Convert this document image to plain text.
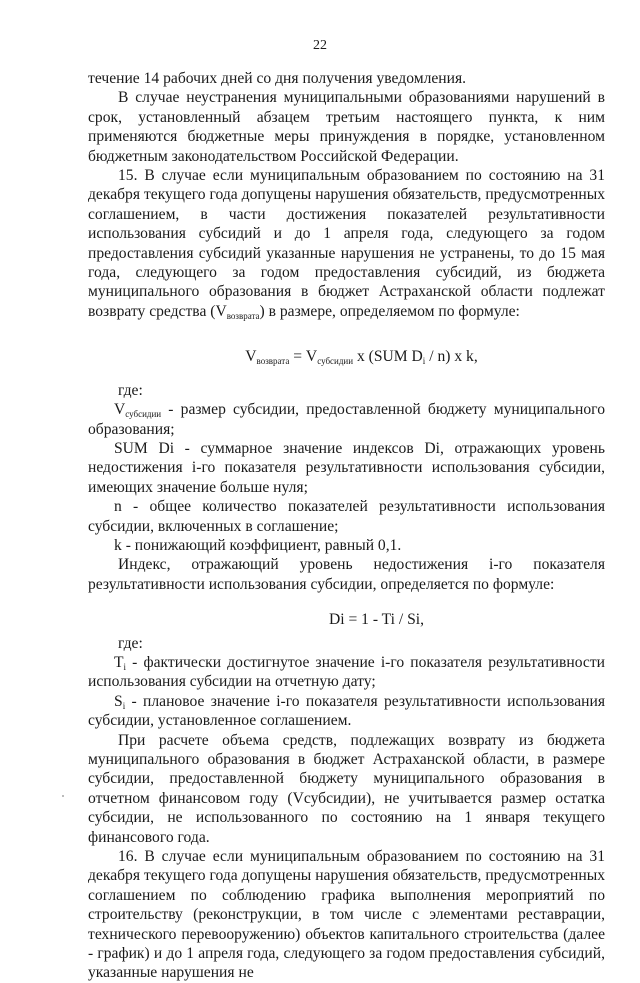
22

течение 14 рабочих дней со дня получения уведомления.

В случае неустранения муниципальными образованиями нарушений в срок, установленный абзацем третьим настоящего пункта, к ним применяются бюджетные меры принуждения в порядке, установленном бюджетным законодательством Российской Федерации.

15. В случае если муниципальным образованием по состоянию на 31 декабря текущего года допущены нарушения обязательств, предусмотренных соглашением, в части достижения показателей результативности использования субсидий и до 1 апреля года, следующего за годом предоставления субсидий указанные нарушения не устранены, то до 15 мая года, следующего за годом предоставления субсидий, из бюджета муниципального образования в бюджет Астраханской области подлежат возврату средства $(V_{возврата})$ в размере, определяемом по формуле:

$V_{возврата} = V_{субсидии}$ x (SUM $D_i / n$) x k,

где:

$V_{субсидии}$ - размер субсидии, предоставленной бюджету муниципального образования;

SUM Di - суммарное значение индексов Di, отражающих уровень недостижения i-го показателя результативности использования субсидии, имеющих значение больше нуля;

n - общее количество показателей результативности использования субсидии, включенных в соглашение;

k - понижающий коэффициент, равный 0,1.

Индекс, отражающий уровень недостижения i-го показателя результативности использования субсидии, определяется по формуле:

Di = 1 - Ti / Si,

где:

$T_i$ - фактически достигнутое значение i-го показателя результативности использования субсидии на отчетную дату;

$S_i$ - плановое значение i-го показателя результативности использования субсидии, установленное соглашением.

При расчете объема средств, подлежащих возврату из бюджета муниципального образования в бюджет Астраханской области, в размере субсидии, предоставленной бюджету муниципального образования в отчетном финансовом году (Vсубсидии), не учитывается размер остатка субсидии, не использованного по состоянию на 1 января текущего финансового года.

16. В случае если муниципальным образованием по состоянию на 31 декабря текущего года допущены нарушения обязательств, предусмотренных соглашением по соблюдению графика выполнения мероприятий по строительству (реконструкции, в том числе с элементами реставрации, технического перевооружению) объектов капитального строительства (далее - график) и до 1 апреля года, следующего за годом предоставления субсидий, указанные нарушения не
